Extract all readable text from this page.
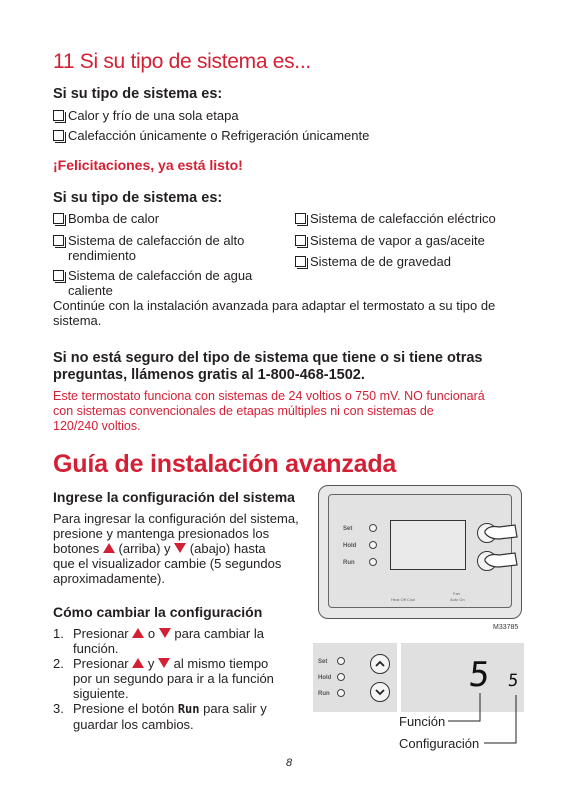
11 Si su tipo de sistema es...
Si su tipo de sistema es:
Calor y frío de una sola etapa
Calefacción únicamente o Refrigeración únicamente
¡Felicitaciones, ya está listo!
Si su tipo de sistema es:
Bomba de calor
Sistema de calefacción de alto
rendimiento
Sistema de calefacción de agua
caliente
Sistema de calefacción eléctrico
Sistema de vapor a gas/aceite
Sistema de de gravedad
Continúe con la instalación avanzada para adaptar el termostato a su tipo de
sistema.
Si no está seguro del tipo de sistema que tiene o si tiene otras
preguntas, llámenos gratis al 1-800-468-1502.
Este termostato funciona con sistemas de 24 voltios o 750 mV. NO funcionará
con sistemas convencionales de etapas múltiples ni con sistemas de
120/240 voltios.
Guía de instalación avanzada
Ingrese la configuración del sistema
Para ingresar la configuración del sistema,
presione y mantenga presionados los
botones (arriba) y (abajo) hasta
que el visualizador cambie (5 segundos
aproximadamente).
Set
Hold
Run
Heat Off Cool
Fan
Auto On
M33785
Cómo cambiar la configuración
1. Presionar o para cambiar la
función.
2. Presionar y al mismo tiempo
por un segundo para ir a la función
siguiente.
3. Presione el botón Run para salir y
guardar los cambios.
Set
Hold
Run	5 5
Función
Configuración
8
